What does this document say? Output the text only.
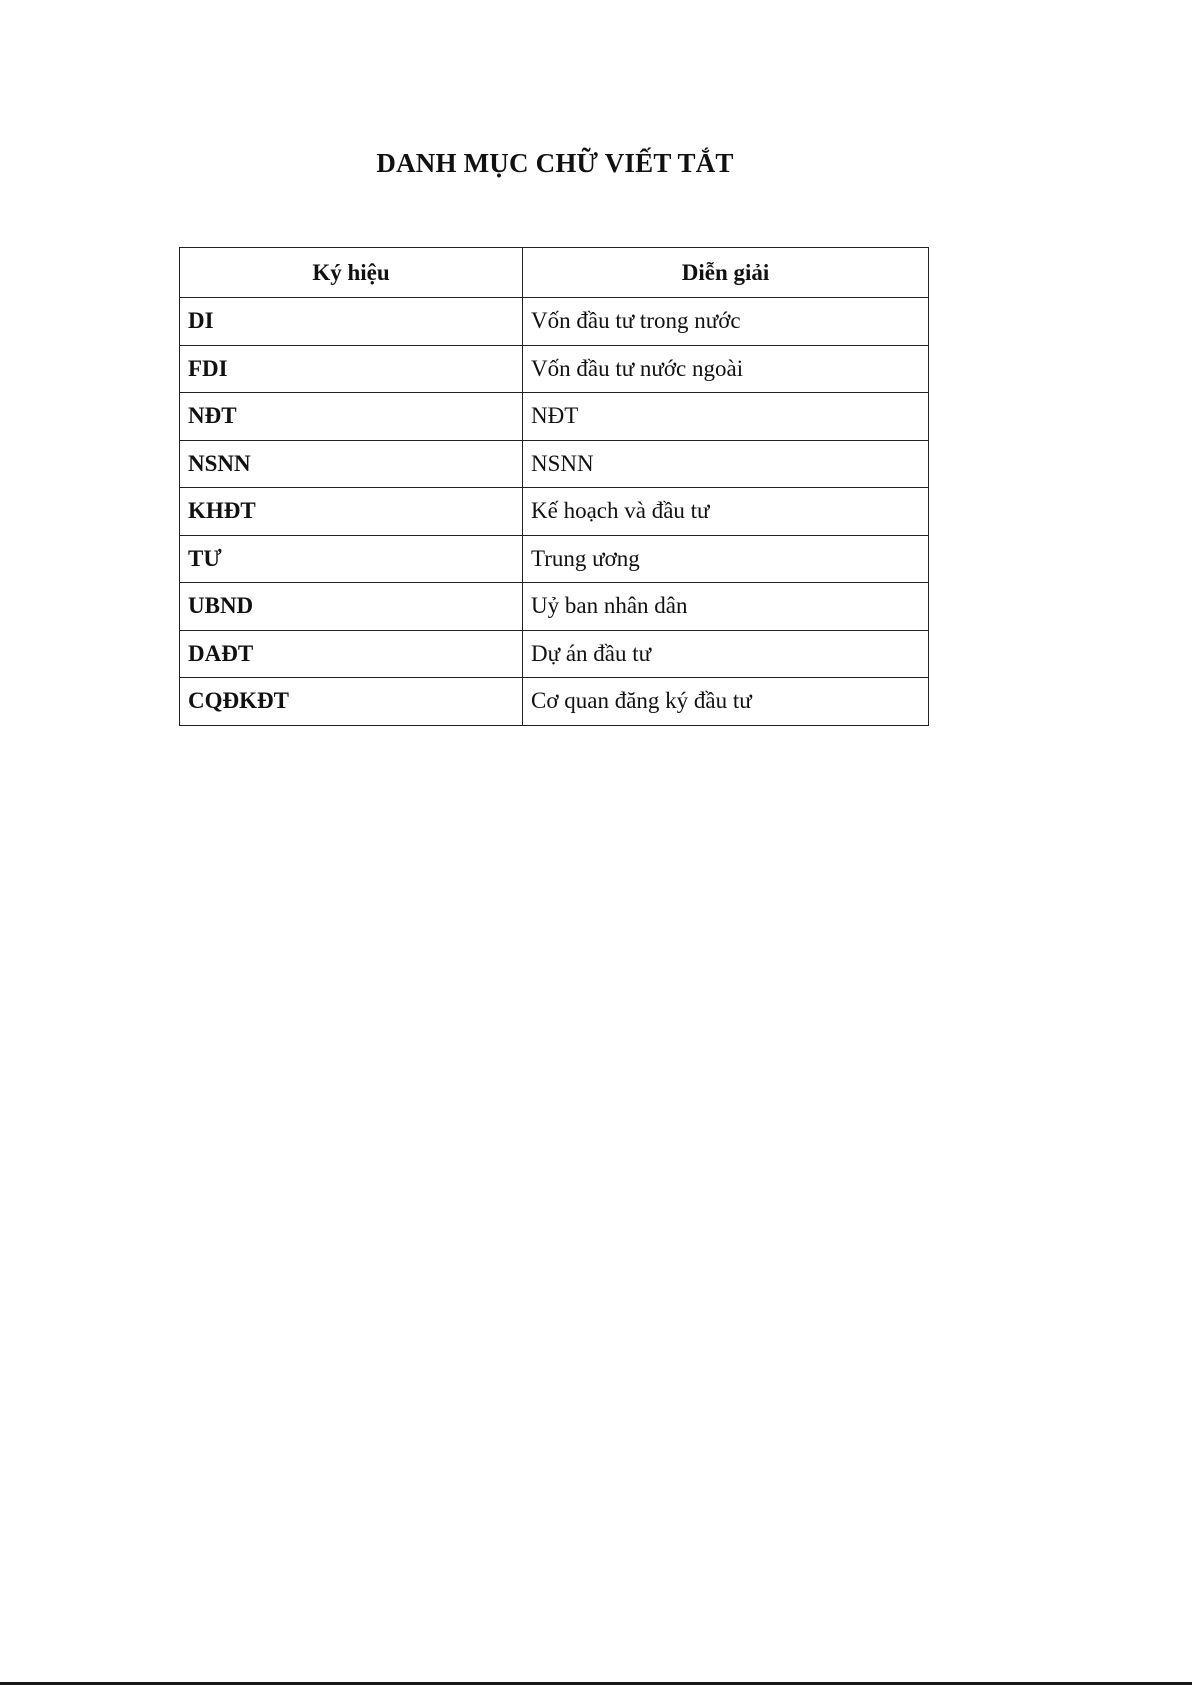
DANH MỤC CHỮ VIẾT TẮT
Ký hiệu	Diễn giải
DI	Vốn đầu tư trong nước
FDI	Vốn đầu tư nước ngoài
NĐT	NĐT
NSNN	NSNN
KHĐT	Kế hoạch và đầu tư
TƯ	Trung ương
UBND	Uỷ ban nhân dân
DAĐT	Dự án đầu tư
CQĐKĐT	Cơ quan đăng ký đầu tư
